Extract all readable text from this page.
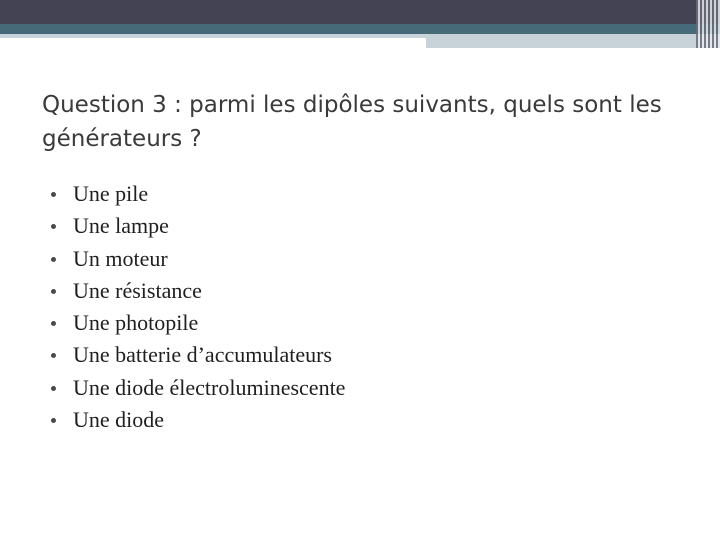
Question 3 : parmi les dipôles suivants, quels sont les générateurs ?
Une pile
Une lampe
Un moteur
Une résistance
Une photopile
Une batterie d’accumulateurs
Une diode électroluminescente
Une diode
